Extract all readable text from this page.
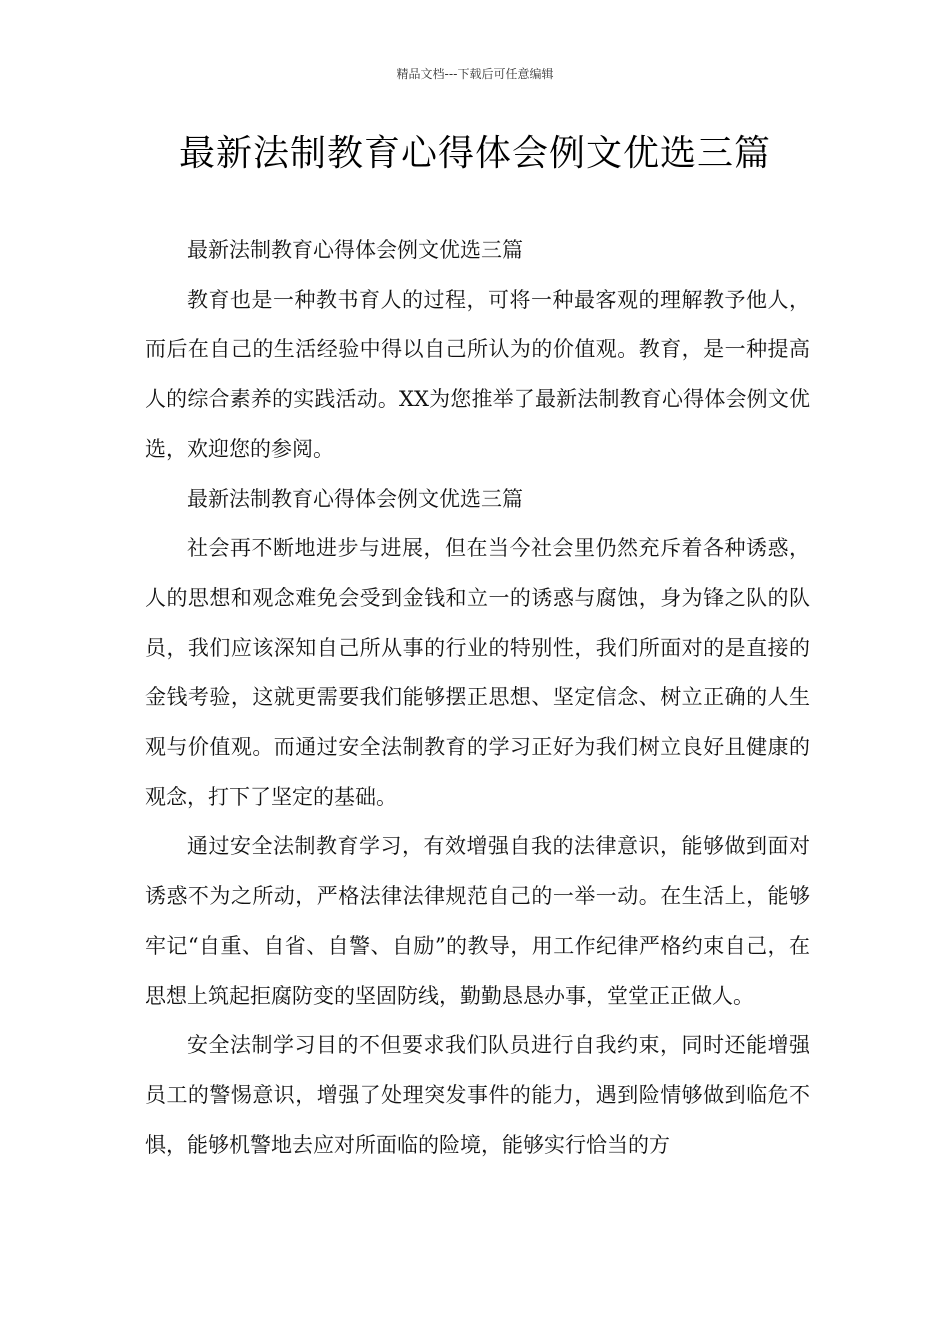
精品文档---下载后可任意编辑
最新法制教育心得体会例文优选三篇

最新法制教育心得体会例文优选三篇

教育也是一种教书育人的过程，可将一种最客观的理解教予他人，而后在自己的生活经验中得以自己所认为的价值观。教育，是一种提高人的综合素养的实践活动。XX为您推举了最新法制教育心得体会例文优选，欢迎您的参阅。

最新法制教育心得体会例文优选三篇

社会再不断地进步与进展，但在当今社会里仍然充斥着各种诱惑，人的思想和观念难免会受到金钱和立一的诱惑与腐蚀，身为锋之队的队员，我们应该深知自己所从事的行业的特别性，我们所面对的是直接的金钱考验，这就更需要我们能够摆正思想、坚定信念、树立正确的人生观与价值观。而通过安全法制教育的学习正好为我们树立良好且健康的观念，打下了坚定的基础。

通过安全法制教育学习，有效增强自我的法律意识，能够做到面对诱惑不为之所动，严格法律法律规范自己的一举一动。在生活上，能够牢记“自重、自省、自警、自励”的教导，用工作纪律严格约束自己，在思想上筑起拒腐防变的坚固防线，勤勤恳恳办事，堂堂正正做人。

安全法制学习目的不但要求我们队员进行自我约束，同时还能增强员工的警惕意识，增强了处理突发事件的能力，遇到险情够做到临危不惧，能够机警地去应对所面临的险境，能够实行恰当的方
